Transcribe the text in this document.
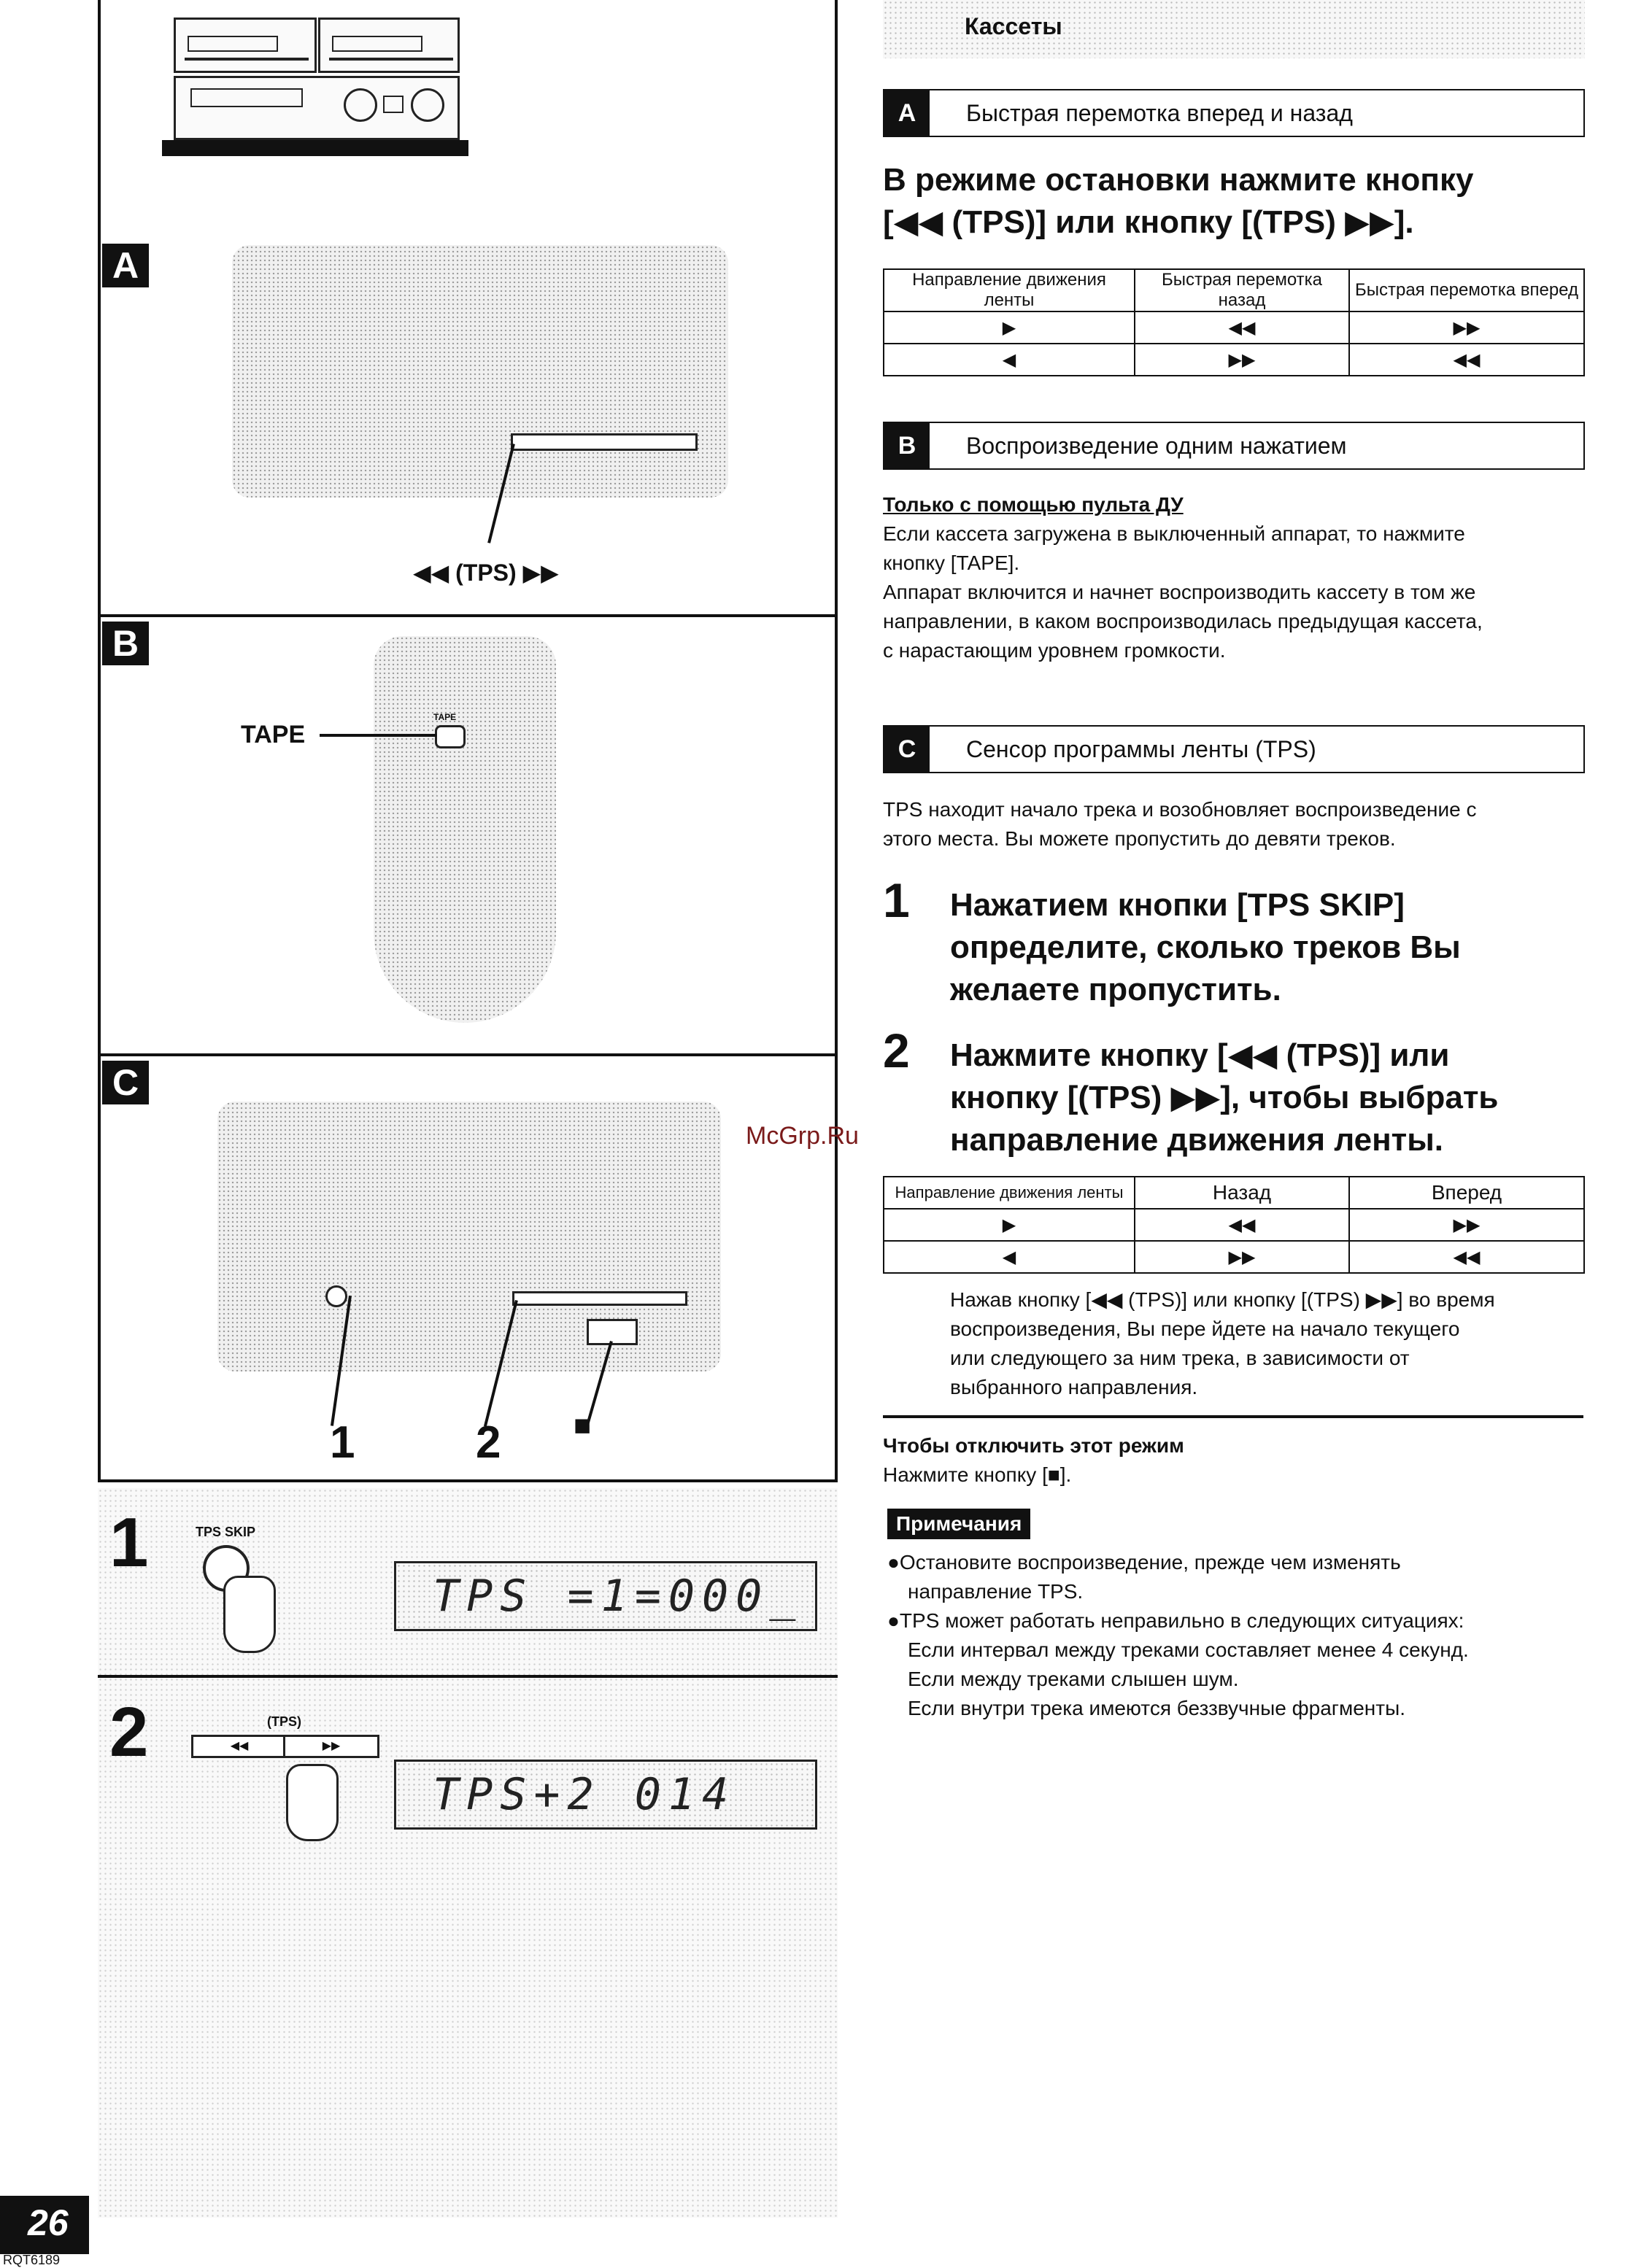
Кассеты
A
◀◀ (TPS) ▶▶
B
TAPE
TAPE
C
1	2 ■
1	TPS SKIP
TPS =1=000_
2	(TPS)
◀◀	▶▶
TPS+2 014
26
RQT6189
A	Быстрая перемотка вперед и назад
В режиме остановки нажмите кнопку [◀◀ (TPS)] или кнопку [(TPS) ▶▶].
Направление движения ленты	Быстрая перемотка назад	Быстрая перемотка вперед
▶	◀◀	▶▶
◀	▶▶	◀◀
B	Воспроизведение одним нажатием
Только с помощью пульта ДУ
Если кассета загружена в выключенный аппарат, то нажмите
кнопку [TAPE].
Аппарат включится и начнет воспроизводить кассету в том же
направлении, в каком воспроизводилась предыдущая кассета,
с нарастающим уровнем громкости.
C	Сенсор программы ленты (TPS)
TPS находит начало трека и возобновляет воспроизведение с
этого места. Вы можете пропустить до девяти треков.
1 Нажатием кнопки [TPS SKIP]
определите, сколько треков Вы
желаете пропустить.
2 Нажмите кнопку [◀◀ (TPS)] или
кнопку [(TPS) ▶▶], чтобы выбрать
направление движения ленты.
McGrp.Ru
Направление движения ленты	Назад	Вперед
▶	◀◀	▶▶
◀	▶▶	◀◀
Нажав кнопку [◀◀ (TPS)] или кнопку [(TPS) ▶▶] во время
воспроизведения, Вы пере йдете на начало текущего
или следующего за ним трека, в зависимости от
выбранного направления.
Чтобы отключить этот режим
Нажмите кнопку [■].
Примечания
●Остановите воспроизведение, прежде чем изменять
направление TPS.
●TPS может работать неправильно в следующих ситуациях:
Если интервал между треками составляет менее 4 секунд.
Если между треками слышен шум.
Если внутри трека имеются беззвучные фрагменты.
